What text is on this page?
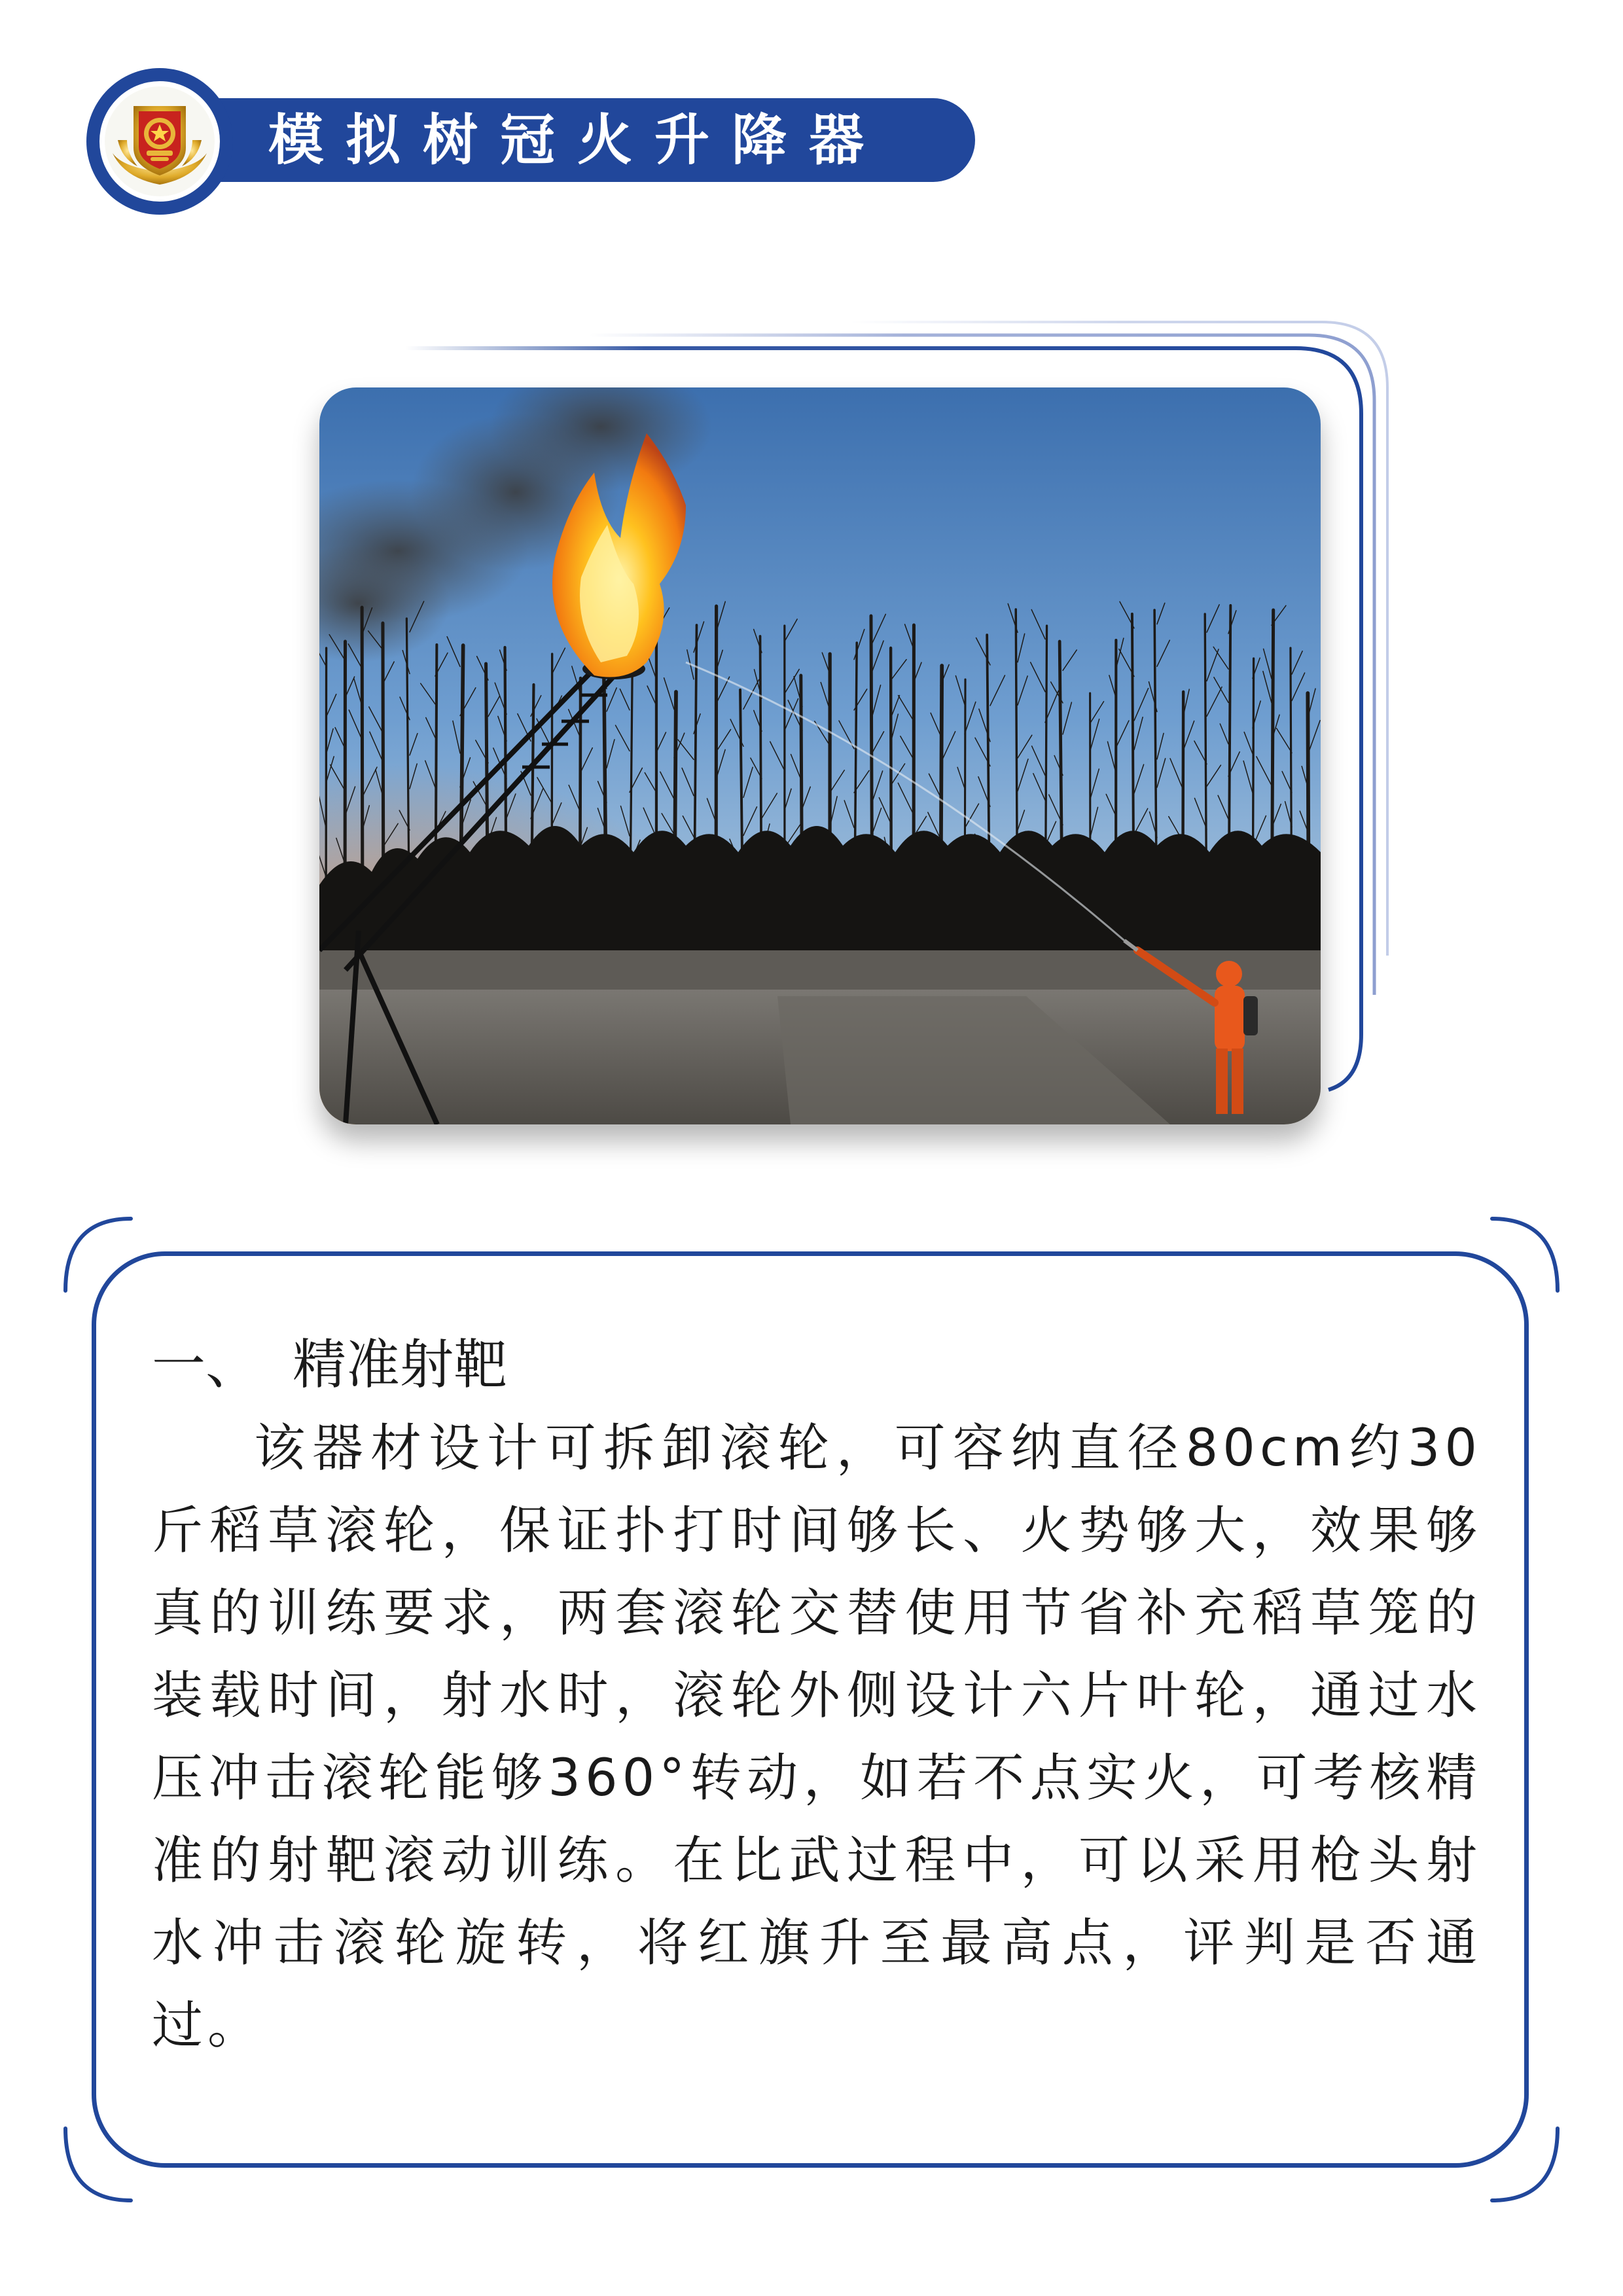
模拟树冠火升降器
一、 精准射靶

该器材设计可拆卸滚轮，可容纳直径80cm约30斤稻草滚轮，保证扑打时间够长、火势够大，效果够真的训练要求，两套滚轮交替使用节省补充稻草笼的装载时间，射水时，滚轮外侧设计六片叶轮，通过水压冲击滚轮能够360°转动，如若不点实火，可考核精准的射靶滚动训练。在比武过程中，可以采用枪头射水冲击滚轮旋转，将红旗升至最高点，评判是否通过。
